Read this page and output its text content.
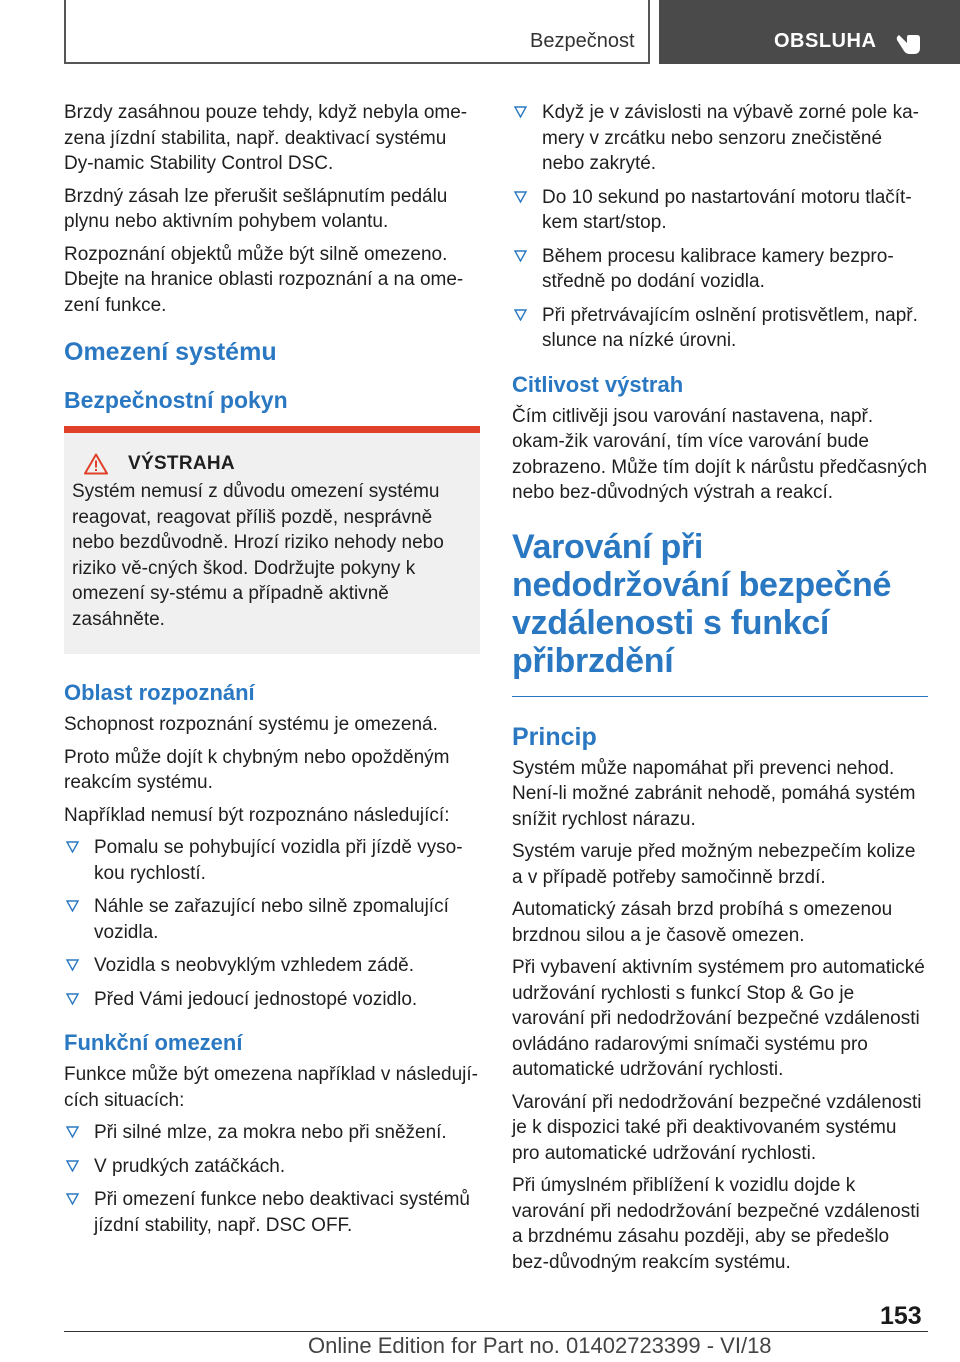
Bezpečnost	OBSLUHA

Brzdy zasáhnou pouze tehdy, když nebyla ome-zena jízdní stabilita, např. deaktivací systému Dy-namic Stability Control DSC.

Brzdný zásah lze přerušit sešlápnutím pedálu plynu nebo aktivním pohybem volantu.

Rozpoznání objektů může být silně omezeno. Dbejte na hranice oblasti rozpoznání a na ome-zení funkce.

Omezení systému
Bezpečnostní pokyn
VÝSTRAHA
Systém nemusí z důvodu omezení systému reagovat, reagovat příliš pozdě, nesprávně nebo bezdůvodně. Hrozí riziko nehody nebo riziko vě-cných škod. Dodržujte pokyny k omezení sy-stému a případně aktivně zasáhněte.
Oblast rozpoznání

Schopnost rozpoznání systému je omezená.

Proto může dojít k chybným nebo opožděným reakcím systému.

Například nemusí být rozpoznáno následující:

Pomalu se pohybující vozidla při jízdě vyso-kou rychlostí.
Náhle se zařazující nebo silně zpomalující vozidla.
Vozidla s neobvyklým vzhledem zádě.
Před Vámi jedoucí jednostopé vozidlo.
Funkční omezení

Funkce může být omezena například v následují-cích situacích:

Při silné mlze, za mokra nebo při sněžení.
V prudkých zatáčkách.
Při omezení funkce nebo deaktivaci systémů jízdní stability, např. DSC OFF.
Když je v závislosti na výbavě zorné pole ka-mery v zrcátku nebo senzoru znečistěné nebo zakryté.
Do 10 sekund po nastartování motoru tlačít-kem start/stop.
Během procesu kalibrace kamery bezpro-středně po dodání vozidla.
Při přetrvávajícím oslnění protisvětlem, např. slunce na nízké úrovni.
Citlivost výstrah

Čím citlivěji jsou varování nastavena, např. okam-žik varování, tím více varování bude zobrazeno. Může tím dojít k nárůstu předčasných nebo bez-důvodných výstrah a reakcí.

Varování při nedodržování bezpečné vzdálenosti s funkcí přibrzdění
Princip

Systém může napomáhat při prevenci nehod. Není-li možné zabránit nehodě, pomáhá systém snížit rychlost nárazu.

Systém varuje před možným nebezpečím kolize a v případě potřeby samočinně brzdí.

Automatický zásah brzd probíhá s omezenou brzdnou silou a je časově omezen.

Při vybavení aktivním systémem pro automatické udržování rychlosti s funkcí Stop & Go je varování při nedodržování bezpečné vzdálenosti ovládáno radarovými snímači systému pro automatické udržování rychlosti.

Varování při nedodržování bezpečné vzdálenosti je k dispozici také při deaktivovaném systému pro automatické udržování rychlosti.

Při úmyslném přiblížení k vozidlu dojde k varování při nedodržování bezpečné vzdálenosti a brzdnému zásahu později, aby se předešlo bez-důvodným reakcím systému.

153
Online Edition for Part no. 01402723399 - VI/18
